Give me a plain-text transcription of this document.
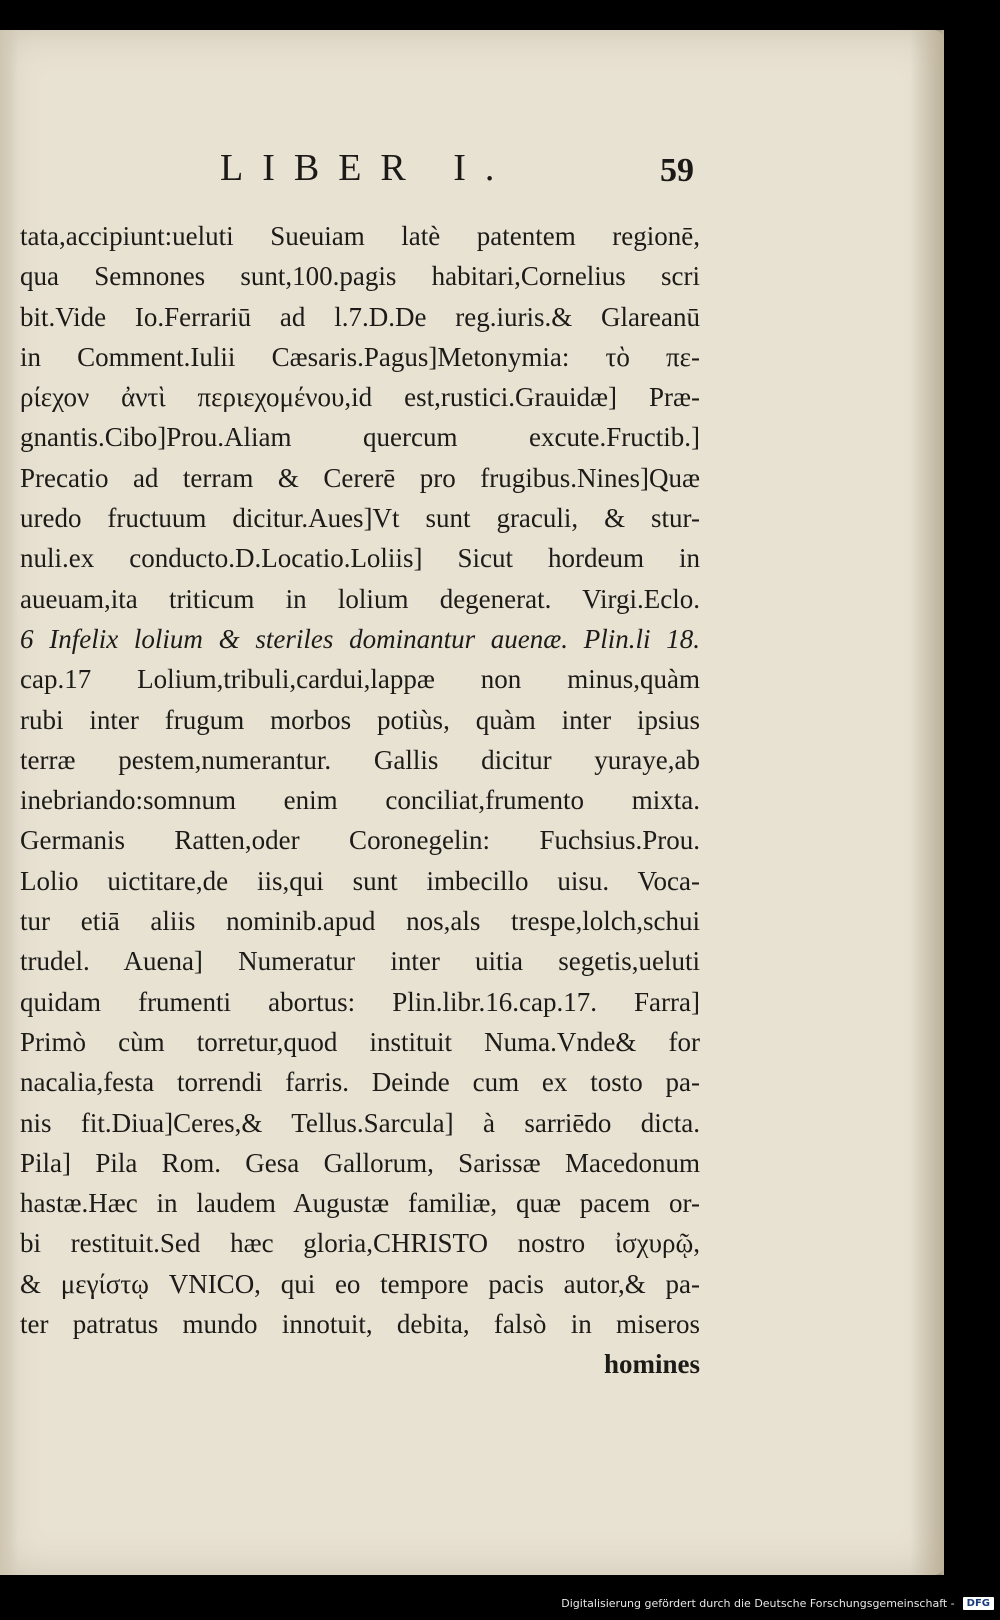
LIBER I.	59
tata,accipiunt:ueluti Sueuiam latè patentem regionē,
qua Semnones sunt,100.pagis habitari,Cornelius scri
bit.Vide Io.Ferrariū ad l.7.D.De reg.iuris.& Glareanū
in Comment.Iulii Cæsaris.Pagus]Metonymia: τὸ πε-
ρίεχον ἀντὶ περιεχομένου,id est,rustici.Grauidæ] Præ-
gnantis.Cibo]Prou.Aliam quercum excute.Fructib.]
Precatio ad terram & Cererē pro frugibus.Nines]Quæ
uredo fructuum dicitur.Aues]Vt sunt graculi, & stur-
nuli.ex conducto.D.Locatio.Loliis] Sicut hordeum in
aueuam,ita triticum in lolium degenerat. Virgi.Eclo.
6 Infelix lolium & steriles dominantur auenæ. Plin.li 18.
cap.17 Lolium,tribuli,cardui,lappæ non minus,quàm
rubi inter frugum morbos potiùs, quàm inter ipsius
terræ pestem,numerantur. Gallis dicitur yuraye,ab
inebriando:somnum enim conciliat,frumento mixta.
Germanis Ratten,oder Coronegelin: Fuchsius.Prou.
Lolio uictitare,de iis,qui sunt imbecillo uisu. Voca-
tur etiā aliis nominib.apud nos,als trespe,lolch,schui
trudel. Auena] Numeratur inter uitia segetis,ueluti
quidam frumenti abortus: Plin.libr.16.cap.17. Farra]
Primò cùm torretur,quod instituit Numa.Vnde& for
nacalia,festa torrendi farris. Deinde cum ex tosto pa-
nis fit.Diua]Ceres,& Tellus.Sarcula] à sarriēdo dicta.
Pila] Pila Rom. Gesa Gallorum, Sarissæ Macedonum
hastæ.Hæc in laudem Augustæ familiæ, quæ pacem or-
bi restituit.Sed hæc gloria,CHRISTO nostro ἰσχυρῷ,
& μεγίστῳ VNICO, qui eo tempore pacis autor,& pa-
ter patratus mundo innotuit, debita, falsò in miseros
homines
Digitalisierung gefördert durch die Deutsche Forschungsgemeinschaft - DFG
